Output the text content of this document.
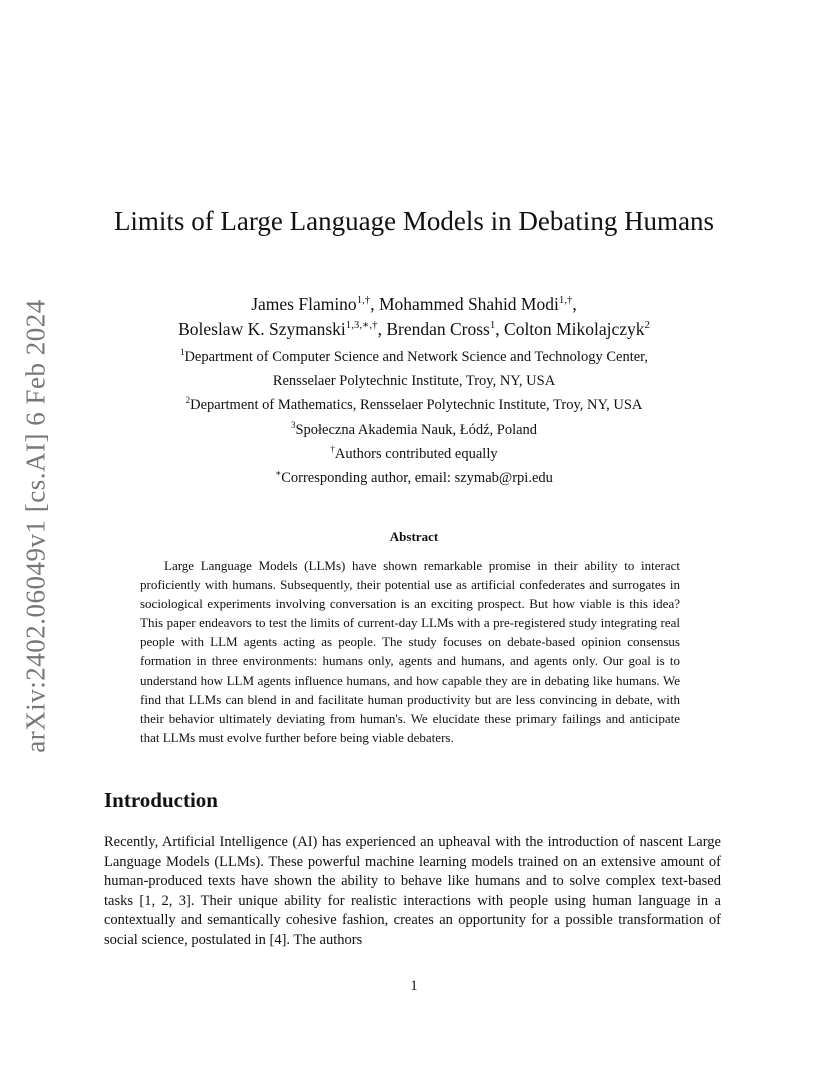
arXiv:2402.06049v1 [cs.AI] 6 Feb 2024
Limits of Large Language Models in Debating Humans
James Flamino$^{1,\dagger}$, Mohammed Shahid Modi$^{1,\dagger}$,
Boleslaw K. Szymanski$^{1,3,∗,\dagger}$, Brendan Cross$^1$, Colton Mikolajczyk$^2$
$^1$Department of Computer Science and Network Science and Technology Center,
Rensselaer Polytechnic Institute, Troy, NY, USA
$^2$Department of Mathematics, Rensselaer Polytechnic Institute, Troy, NY, USA
$^3$Społeczna Akademia Nauk, Łódź, Poland
†Authors contributed equally
∗Corresponding author, email: szymab@rpi.edu
Abstract

Large Language Models (LLMs) have shown remarkable promise in their ability to interact proficiently with humans. Subsequently, their potential use as artificial confederates and surrogates in sociological experiments involving conversation is an exciting prospect. But how viable is this idea? This paper endeavors to test the limits of current-day LLMs with a pre-registered study integrating real people with LLM agents acting as people. The study focuses on debate-based opinion consensus formation in three environments: humans only, agents and humans, and agents only. Our goal is to understand how LLM agents influence humans, and how capable they are in debating like humans. We find that LLMs can blend in and facilitate human productivity but are less convincing in debate, with their behavior ultimately deviating from human's. We elucidate these primary failings and anticipate that LLMs must evolve further before being viable debaters.

Introduction

Recently, Artificial Intelligence (AI) has experienced an upheaval with the introduction of nascent Large Language Models (LLMs). These powerful machine learning models trained on an extensive amount of human-produced texts have shown the ability to behave like humans and to solve complex text-based tasks [1, 2, 3]. Their unique ability for realistic interactions with people using human language in a contextually and semantically cohesive fashion, creates an opportunity for a possible transformation of social science, postulated in [4]. The authors

1
